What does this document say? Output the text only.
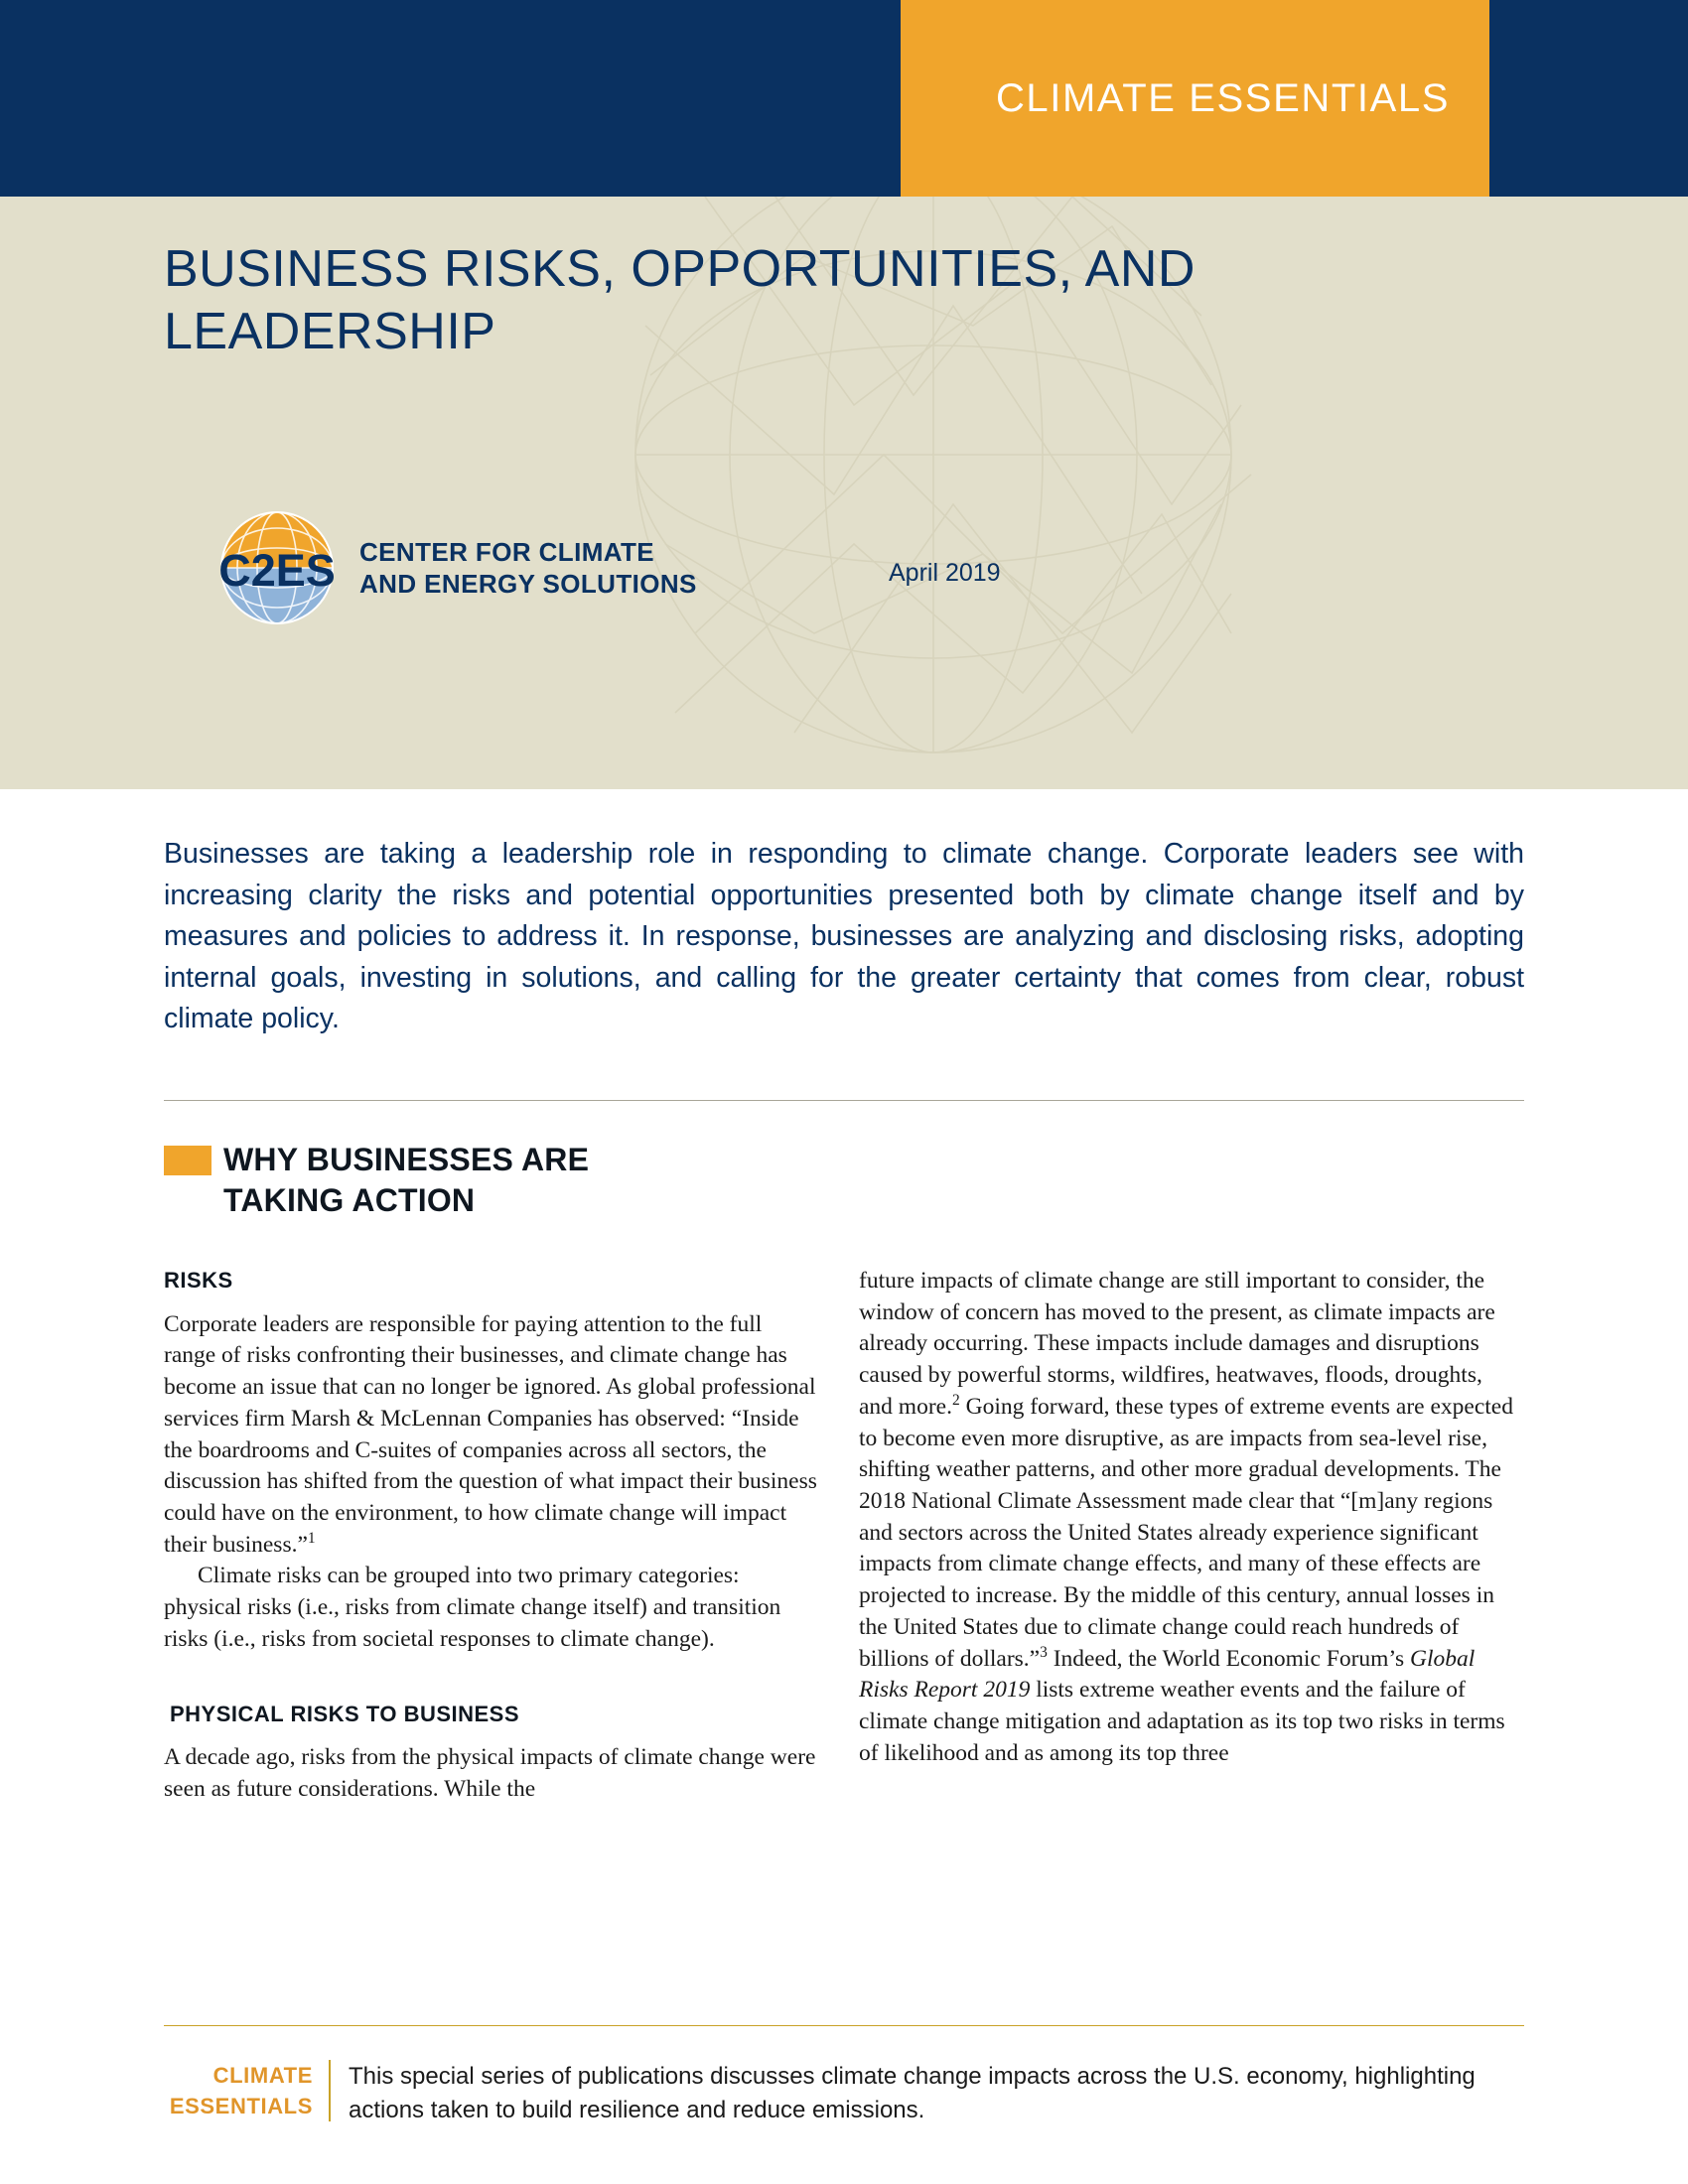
CLIMATE ESSENTIALS
BUSINESS RISKS, OPPORTUNITIES, AND LEADERSHIP
C2ES CENTER FOR CLIMATE
AND ENERGY SOLUTIONS	April 2019
Businesses are taking a leadership role in responding to climate change. Corporate leaders see with increasing clarity the risks and potential opportunities presented both by climate change itself and by measures and policies to address it. In response, businesses are analyzing and disclosing risks, adopting internal goals, investing in solutions, and calling for the greater certainty that comes from clear, robust climate policy.
WHY BUSINESSES ARE
TAKING ACTION
RISKS

Corporate leaders are responsible for paying attention to the full range of risks confronting their businesses, and climate change has become an issue that can no longer be ignored. As global professional services firm Marsh & McLennan Companies has observed: “Inside the boardrooms and C-suites of companies across all sectors, the discussion has shifted from the question of what impact their business could have on the environment, to how climate change will impact their business.”$^1$

Climate risks can be grouped into two primary categories: physical risks (i.e., risks from climate change itself) and transition risks (i.e., risks from societal responses to climate change).

PHYSICAL RISKS TO BUSINESS

A decade ago, risks from the physical impacts of climate change were seen as future considerations. While the

future impacts of climate change are still important to consider, the window of concern has moved to the present, as climate impacts are already occurring. These impacts include damages and disruptions caused by powerful storms, wildfires, heatwaves, floods, droughts, and more.$^2$ Going forward, these types of extreme events are expected to become even more disruptive, as are impacts from sea-level rise, shifting weather patterns, and other more gradual developments. The 2018 National Climate Assessment made clear that “[m]any regions and sectors across the United States already experience significant impacts from climate change effects, and many of these effects are projected to increase. By the middle of this century, annual losses in the United States due to climate change could reach hundreds of billions of dollars.”$^3$ Indeed, the World Economic Forum’s Global Risks Report 2019 lists extreme weather events and the failure of climate change mitigation and adaptation as its top two risks in terms of likelihood and as among its top three

CLIMATE
ESSENTIALS
This special series of publications discusses climate change impacts across the U.S. economy, highlighting actions taken to build resilience and reduce emissions.
